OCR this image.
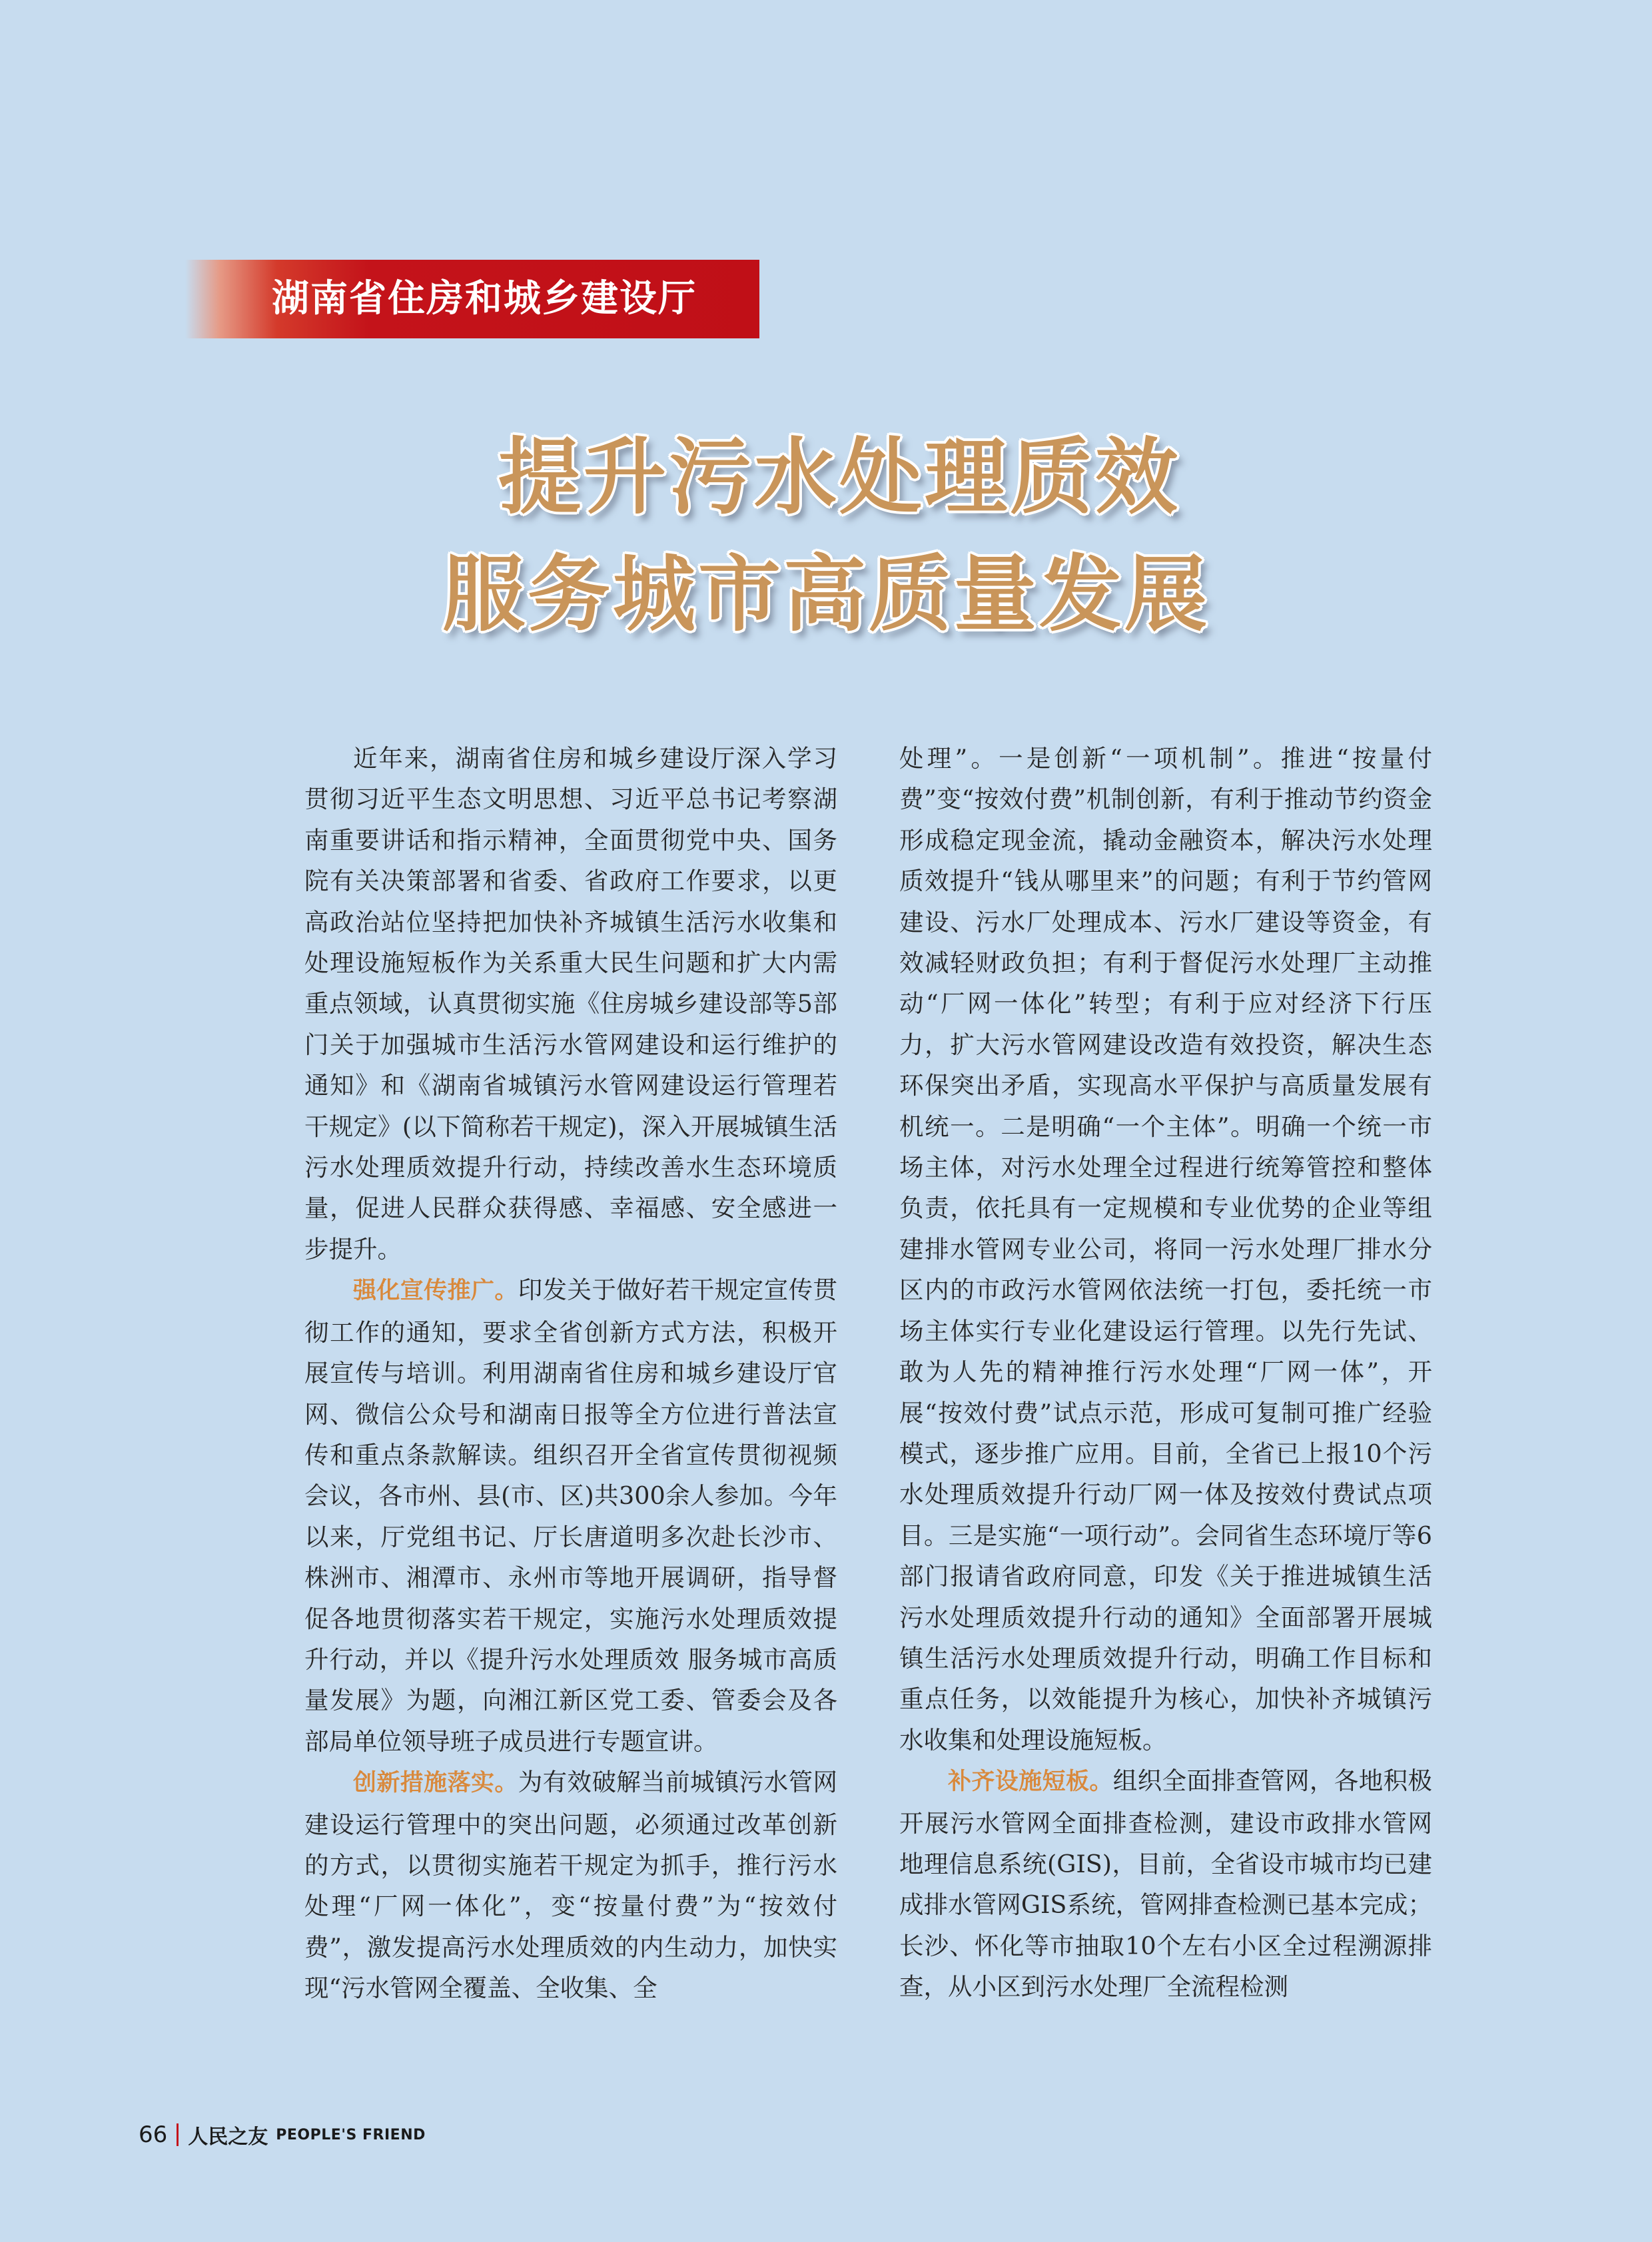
湖南省住房和城乡建设厅
提升污水处理质效
服务城市高质量发展

近年来，湖南省住房和城乡建设厅深入学习贯彻习近平生态文明思想、习近平总书记考察湖南重要讲话和指示精神，全面贯彻党中央、国务院有关决策部署和省委、省政府工作要求，以更高政治站位坚持把加快补齐城镇生活污水收集和处理设施短板作为关系重大民生问题和扩大内需重点领域，认真贯彻实施《住房城乡建设部等5部门关于加强城市生活污水管网建设和运行维护的通知》和《湖南省城镇污水管网建设运行管理若干规定》(以下简称若干规定)，深入开展城镇生活污水处理质效提升行动，持续改善水生态环境质量，促进人民群众获得感、幸福感、安全感进一步提升。

强化宣传推广。印发关于做好若干规定宣传贯彻工作的通知，要求全省创新方式方法，积极开展宣传与培训。利用湖南省住房和城乡建设厅官网、微信公众号和湖南日报等全方位进行普法宣传和重点条款解读。组织召开全省宣传贯彻视频会议，各市州、县(市、区)共300余人参加。今年以来，厅党组书记、厅长唐道明多次赴长沙市、株洲市、湘潭市、永州市等地开展调研，指导督促各地贯彻落实若干规定，实施污水处理质效提升行动，并以《提升污水处理质效 服务城市高质量发展》为题，向湘江新区党工委、管委会及各部局单位领导班子成员进行专题宣讲。

创新措施落实。为有效破解当前城镇污水管网建设运行管理中的突出问题，必须通过改革创新的方式，以贯彻实施若干规定为抓手，推行污水处理“厂网一体化”，变“按量付费”为“按效付费”，激发提高污水处理质效的内生动力，加快实现“污水管网全覆盖、全收集、全

处理”。一是创新“一项机制”。推进“按量付费”变“按效付费”机制创新，有利于推动节约资金形成稳定现金流，撬动金融资本，解决污水处理质效提升“钱从哪里来”的问题；有利于节约管网建设、污水厂处理成本、污水厂建设等资金，有效减轻财政负担；有利于督促污水处理厂主动推动“厂网一体化”转型；有利于应对经济下行压力，扩大污水管网建设改造有效投资，解决生态环保突出矛盾，实现高水平保护与高质量发展有机统一。二是明确“一个主体”。明确一个统一市场主体，对污水处理全过程进行统筹管控和整体负责，依托具有一定规模和专业优势的企业等组建排水管网专业公司，将同一污水处理厂排水分区内的市政污水管网依法统一打包，委托统一市场主体实行专业化建设运行管理。以先行先试、敢为人先的精神推行污水处理“厂网一体”，开展“按效付费”试点示范，形成可复制可推广经验模式，逐步推广应用。目前，全省已上报10个污水处理质效提升行动厂网一体及按效付费试点项目。三是实施“一项行动”。会同省生态环境厅等6部门报请省政府同意，印发《关于推进城镇生活污水处理质效提升行动的通知》全面部署开展城镇生活污水处理质效提升行动，明确工作目标和重点任务，以效能提升为核心，加快补齐城镇污水收集和处理设施短板。

补齐设施短板。组织全面排查管网，各地积极开展污水管网全面排查检测，建设市政排水管网地理信息系统(GIS)，目前，全省设市城市均已建成排水管网GIS系统，管网排查检测已基本完成；长沙、怀化等市抽取10个左右小区全过程溯源排查，从小区到污水处理厂全流程检测

66 人民之友 PEOPLE'S FRIEND
